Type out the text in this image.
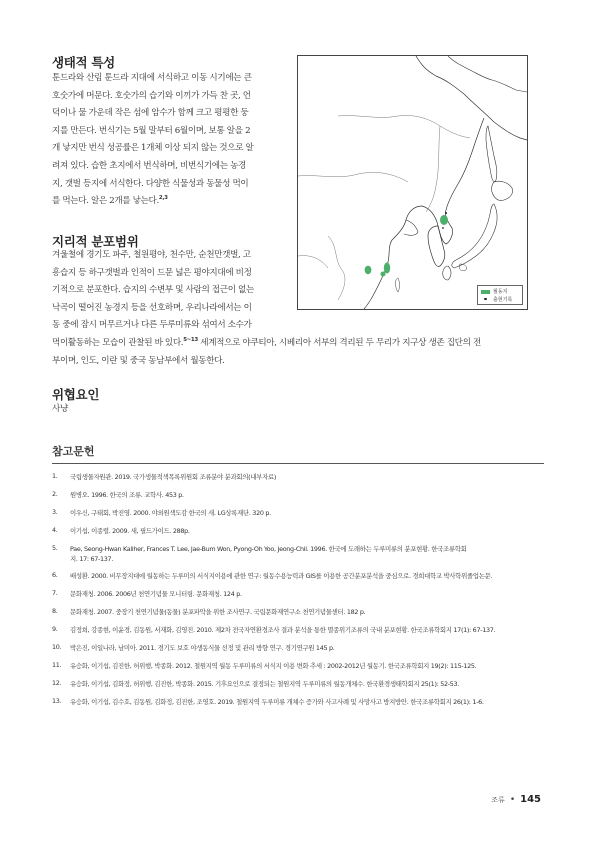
생태적 특성
툰드라와 산림 툰드라 지대에 서식하고 이동 시기에는 큰
호숫가에 머문다. 호숫가의 습기와 이끼가 가득 찬 곳, 언
덕이나 물 가운데 작은 섬에 암수가 함께 크고 평평한 둥
지를 만든다. 번식기는 5월 말부터 6월이며, 보통 알을 2
개 낳지만 번식 성공률은 1개체 이상 되지 않는 것으로 알
려져 있다. 습한 초지에서 번식하며, 비번식기에는 농경
지, 갯벌 등지에 서식한다. 다양한 식물성과 동물성 먹이
를 먹는다. 알은 2개를 낳는다.$^{2,3}$
지리적 분포범위
겨울철에 경기도 파주, 철원평야, 천수만, 순천만갯벌, 고
흥습지 등 하구갯벌과 인적이 드문 넓은 평야지대에 비정
기적으로 분포한다. 습지의 수변부 및 사람의 접근이 없는
낙곡이 떨어진 농경지 등을 선호하며, 우리나라에서는 이
동 중에 잠시 머무르거나 다른 두루미류와 섞여서 소수가
먹이활동하는 모습이 관찰된 바 있다.$^{5\sim 13}$ 세계적으로 야쿠티아, 시베리아 서부의 격리된 두 무리가 지구상 생존 집단의 전
부이며, 인도, 이란 및 중국 동남부에서 월동한다.
위협요인
사냥
월동지
출현기록
참고문헌
1. 국립생물자원관. 2019. 국가생물적색목록위원회 조류분야 분과회의(내부자료)
2. 원병오. 1996. 한국의 조류. 교학사. 453 p.
3. 이우신, 구태회, 박진영. 2000. 야외원색도감 한국의 새. LG상록재단. 320 p.
4. 이기섭, 이종렬. 2009. 새, 필드가이드. 288p.
5. Pae, Seong-Hwan Kaliher, Frances T. Lee, Jae-Bum Won, Pyong-Oh Yoo, Jeong-Chil. 1996. 한국에 도래하는 두루미류의 분포현황. 한국조류학회
지. 17: 67-137.
6. 배성환. 2000. 비무장지대에 월동하는 두루미의 서식지이용에 관한 연구: 월동수용능력과 GIS를 이용한 공간분포분석을 중심으로. 경희대학교 박사학위졸업논문.
7. 문화재청. 2006. 2006년 천연기념물 모니터링. 문화재청. 124 p.
8. 문화재청. 2007. 중장기 천연기념물(동물) 분포파악을 위한 조사연구. 국립문화재연구소 천연기념물센터. 182 p.
9. 김정희, 강종현, 이윤경, 김동원, 서재화, 김영진. 2010. 제2차 전국자연환경조사 결과 분석을 통한 멸종위기조류의 국내 분포현황. 한국조류학회지 17(1): 67-137.
10. 박은진, 이일나라, 남미아. 2011. 경기도 보호 야생동식물 선정 및 관리 방향 연구. 경기연구원 145 p.
11. 유승화, 이기섭, 김진한, 허위행, 박종화. 2012. 철원지역 월동 두루미류의 서식지 이용 변화 추세 : 2002-2012년 월동기. 한국조류학회지 19(2): 115-125.
12. 유승화, 이기섭, 김화정, 허위행, 김진한, 박종화. 2015. 기후요인으로 결정되는 철원지역 두루미류의 월동개체수. 한국환경생태학회지 25(1): 52-53.
13. 유승화, 이기섭, 김수호, 김동원, 김화정, 김진한, 조영호. 2019. 철원지역 두루미류 개체수 증가와 사고사례 및 사망사고 방지방안. 한국조류학회지 26(1): 1-6.
조류 • 145
